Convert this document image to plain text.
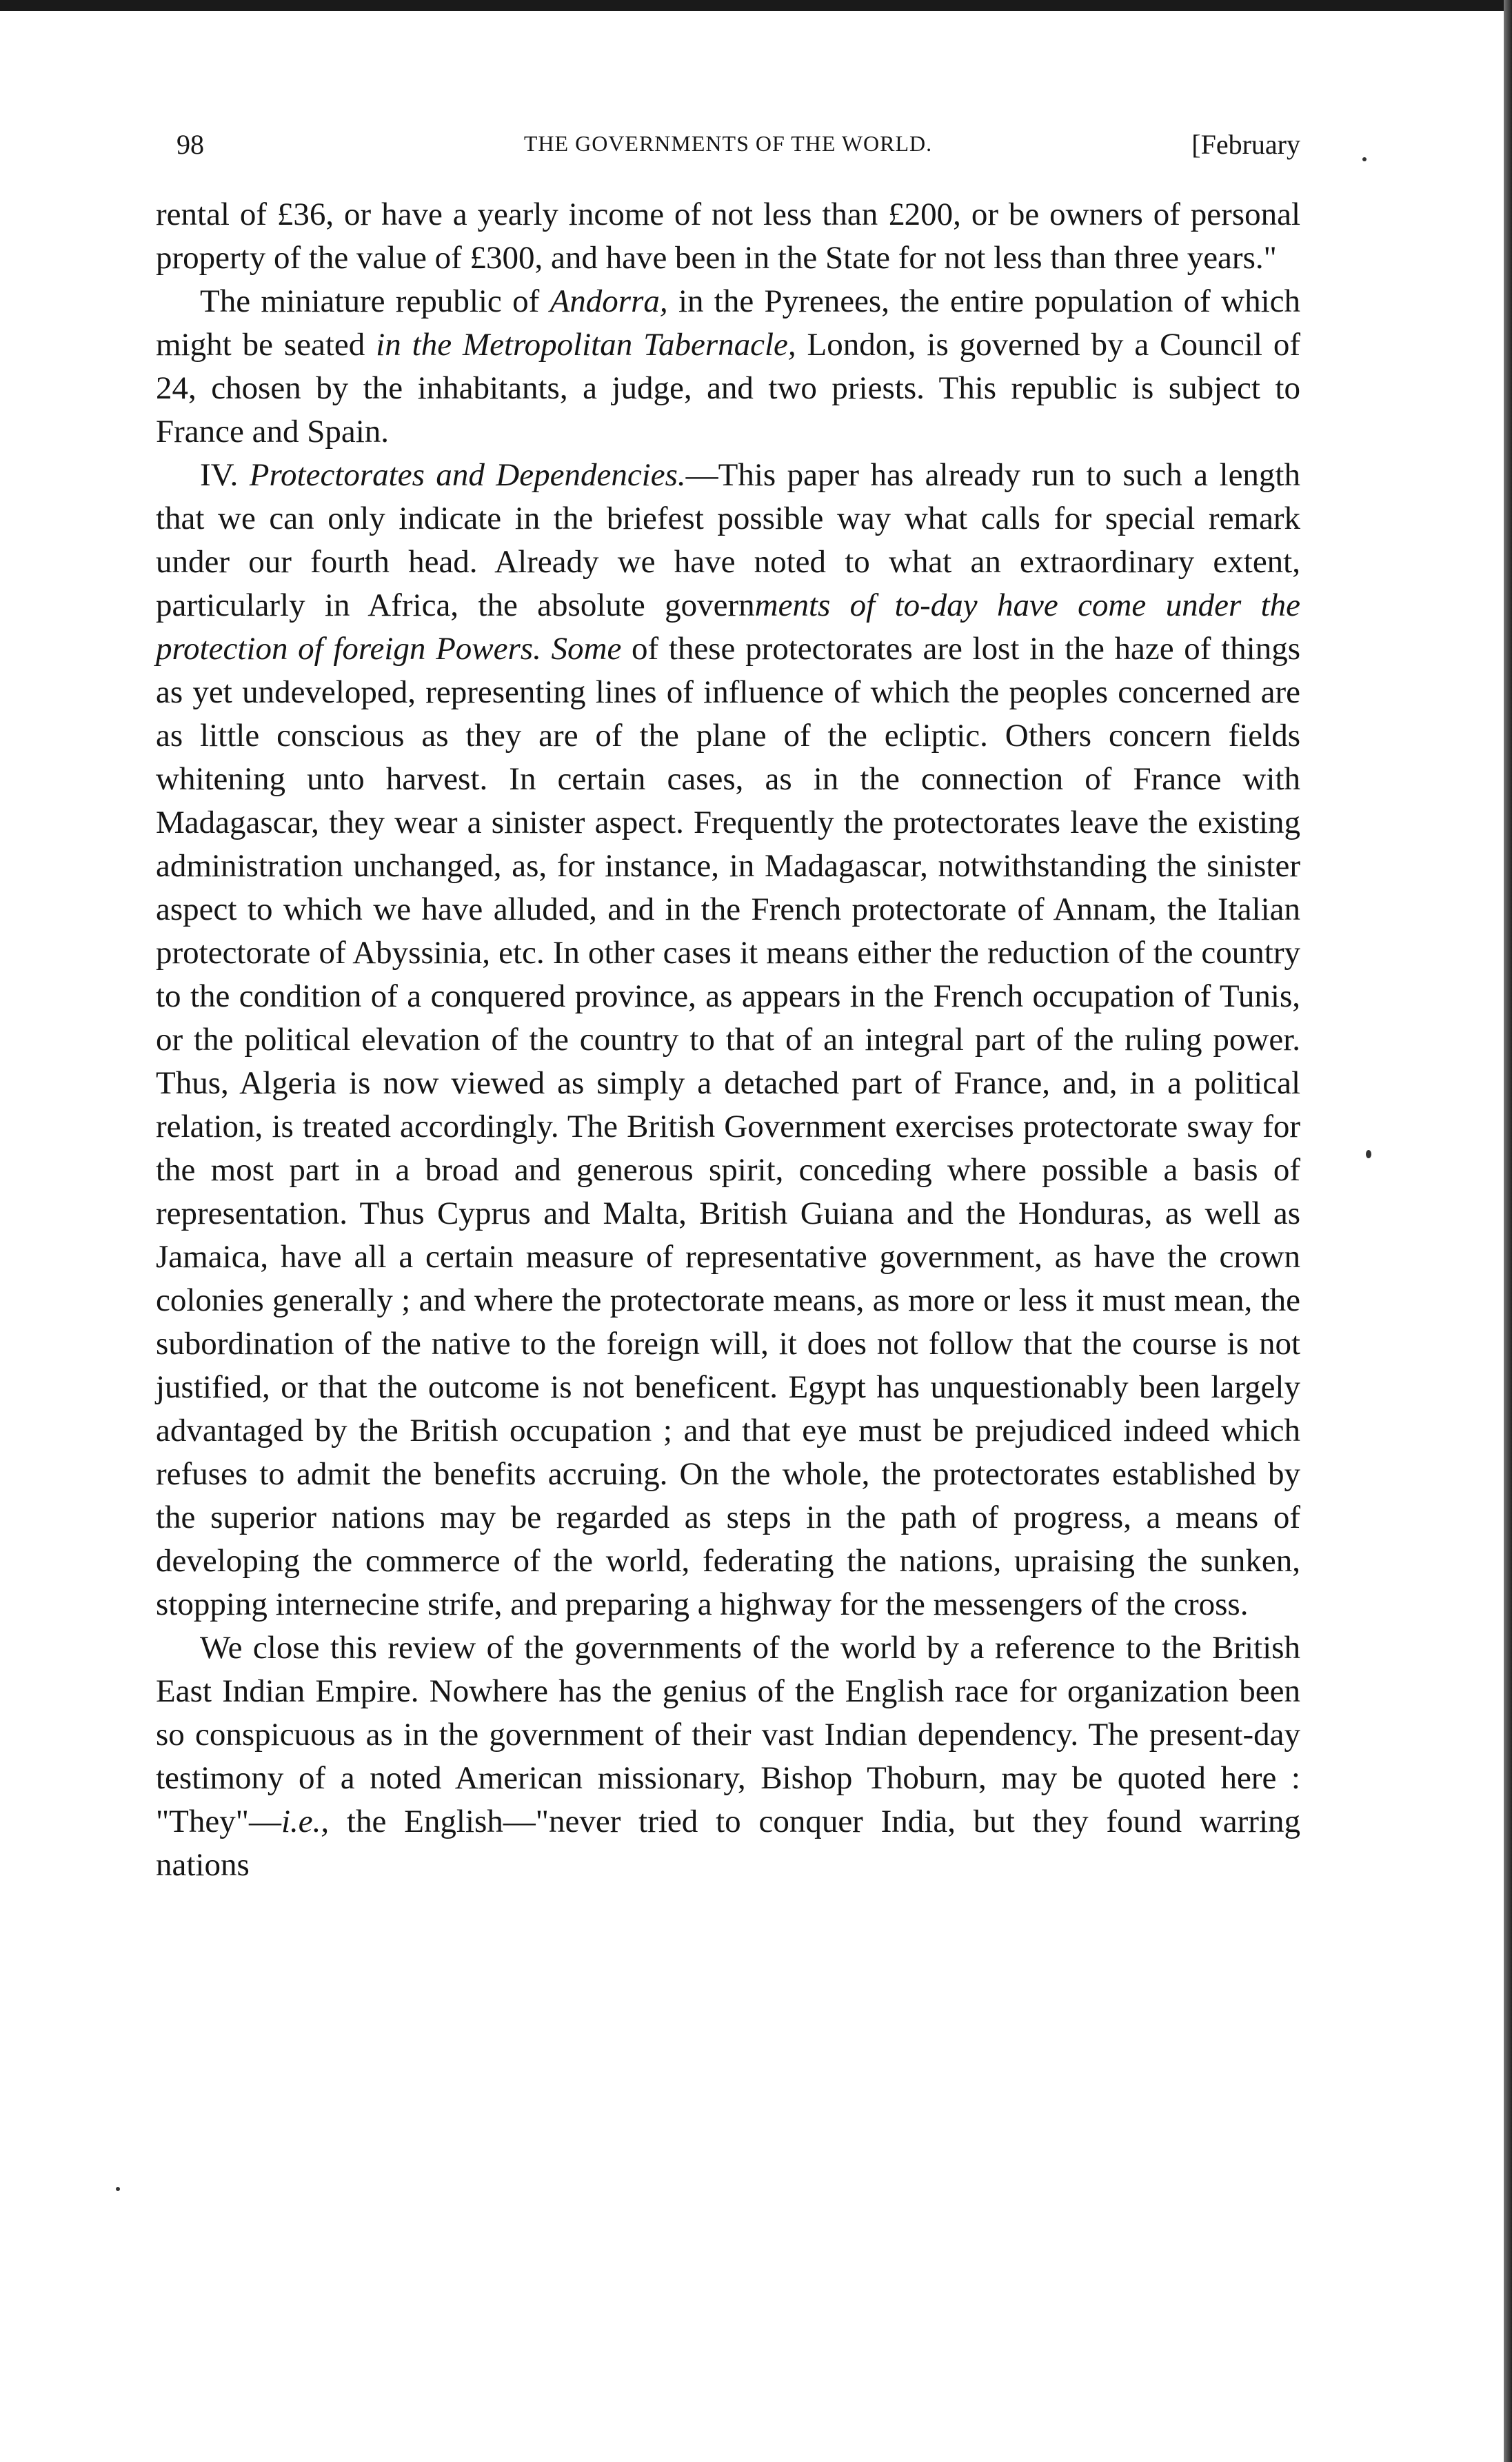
98	THE GOVERNMENTS OF THE WORLD.	[February

rental of £36, or have a yearly income of not less than £200, or be owners of personal property of the value of £300, and have been in the State for not less than three years."

The miniature republic of Andorra, in the Pyrenees, the entire population of which might be seated in the Metropolitan Tabernacle, London, is governed by a Council of 24, chosen by the inhabitants, a judge, and two priests. This republic is subject to France and Spain.

IV. Protectorates and Dependencies.—This paper has already run to such a length that we can only indicate in the briefest possible way what calls for special remark under our fourth head. Already we have noted to what an extraordinary extent, particularly in Africa, the absolute governments of to-day have come under the protection of foreign Powers. Some of these protectorates are lost in the haze of things as yet undeveloped, representing lines of influence of which the peoples concerned are as little conscious as they are of the plane of the ecliptic. Others concern fields whitening unto harvest. In certain cases, as in the connection of France with Madagascar, they wear a sinister aspect. Frequently the protectorates leave the existing administration unchanged, as, for instance, in Madagascar, notwithstanding the sinister aspect to which we have alluded, and in the French protectorate of Annam, the Italian protectorate of Abyssinia, etc. In other cases it means either the reduction of the country to the condition of a conquered province, as appears in the French occupation of Tunis, or the political elevation of the country to that of an integral part of the ruling power. Thus, Algeria is now viewed as simply a detached part of France, and, in a political relation, is treated accordingly. The British Government exercises protectorate sway for the most part in a broad and generous spirit, conceding where possible a basis of representation. Thus Cyprus and Malta, British Guiana and the Honduras, as well as Jamaica, have all a certain measure of representative government, as have the crown colonies generally ; and where the protectorate means, as more or less it must mean, the subordination of the native to the foreign will, it does not follow that the course is not justified, or that the outcome is not beneficent. Egypt has unquestionably been largely advantaged by the British occupation ; and that eye must be prejudiced indeed which refuses to admit the benefits accruing. On the whole, the protectorates established by the superior nations may be regarded as steps in the path of progress, a means of developing the commerce of the world, federating the nations, upraising the sunken, stopping internecine strife, and preparing a highway for the messengers of the cross.

We close this review of the governments of the world by a reference to the British East Indian Empire. Nowhere has the genius of the English race for organization been so conspicuous as in the government of their vast Indian dependency. The present-day testimony of a noted American missionary, Bishop Thoburn, may be quoted here : "They"—i.e., the English—"never tried to conquer India, but they found warring nations
